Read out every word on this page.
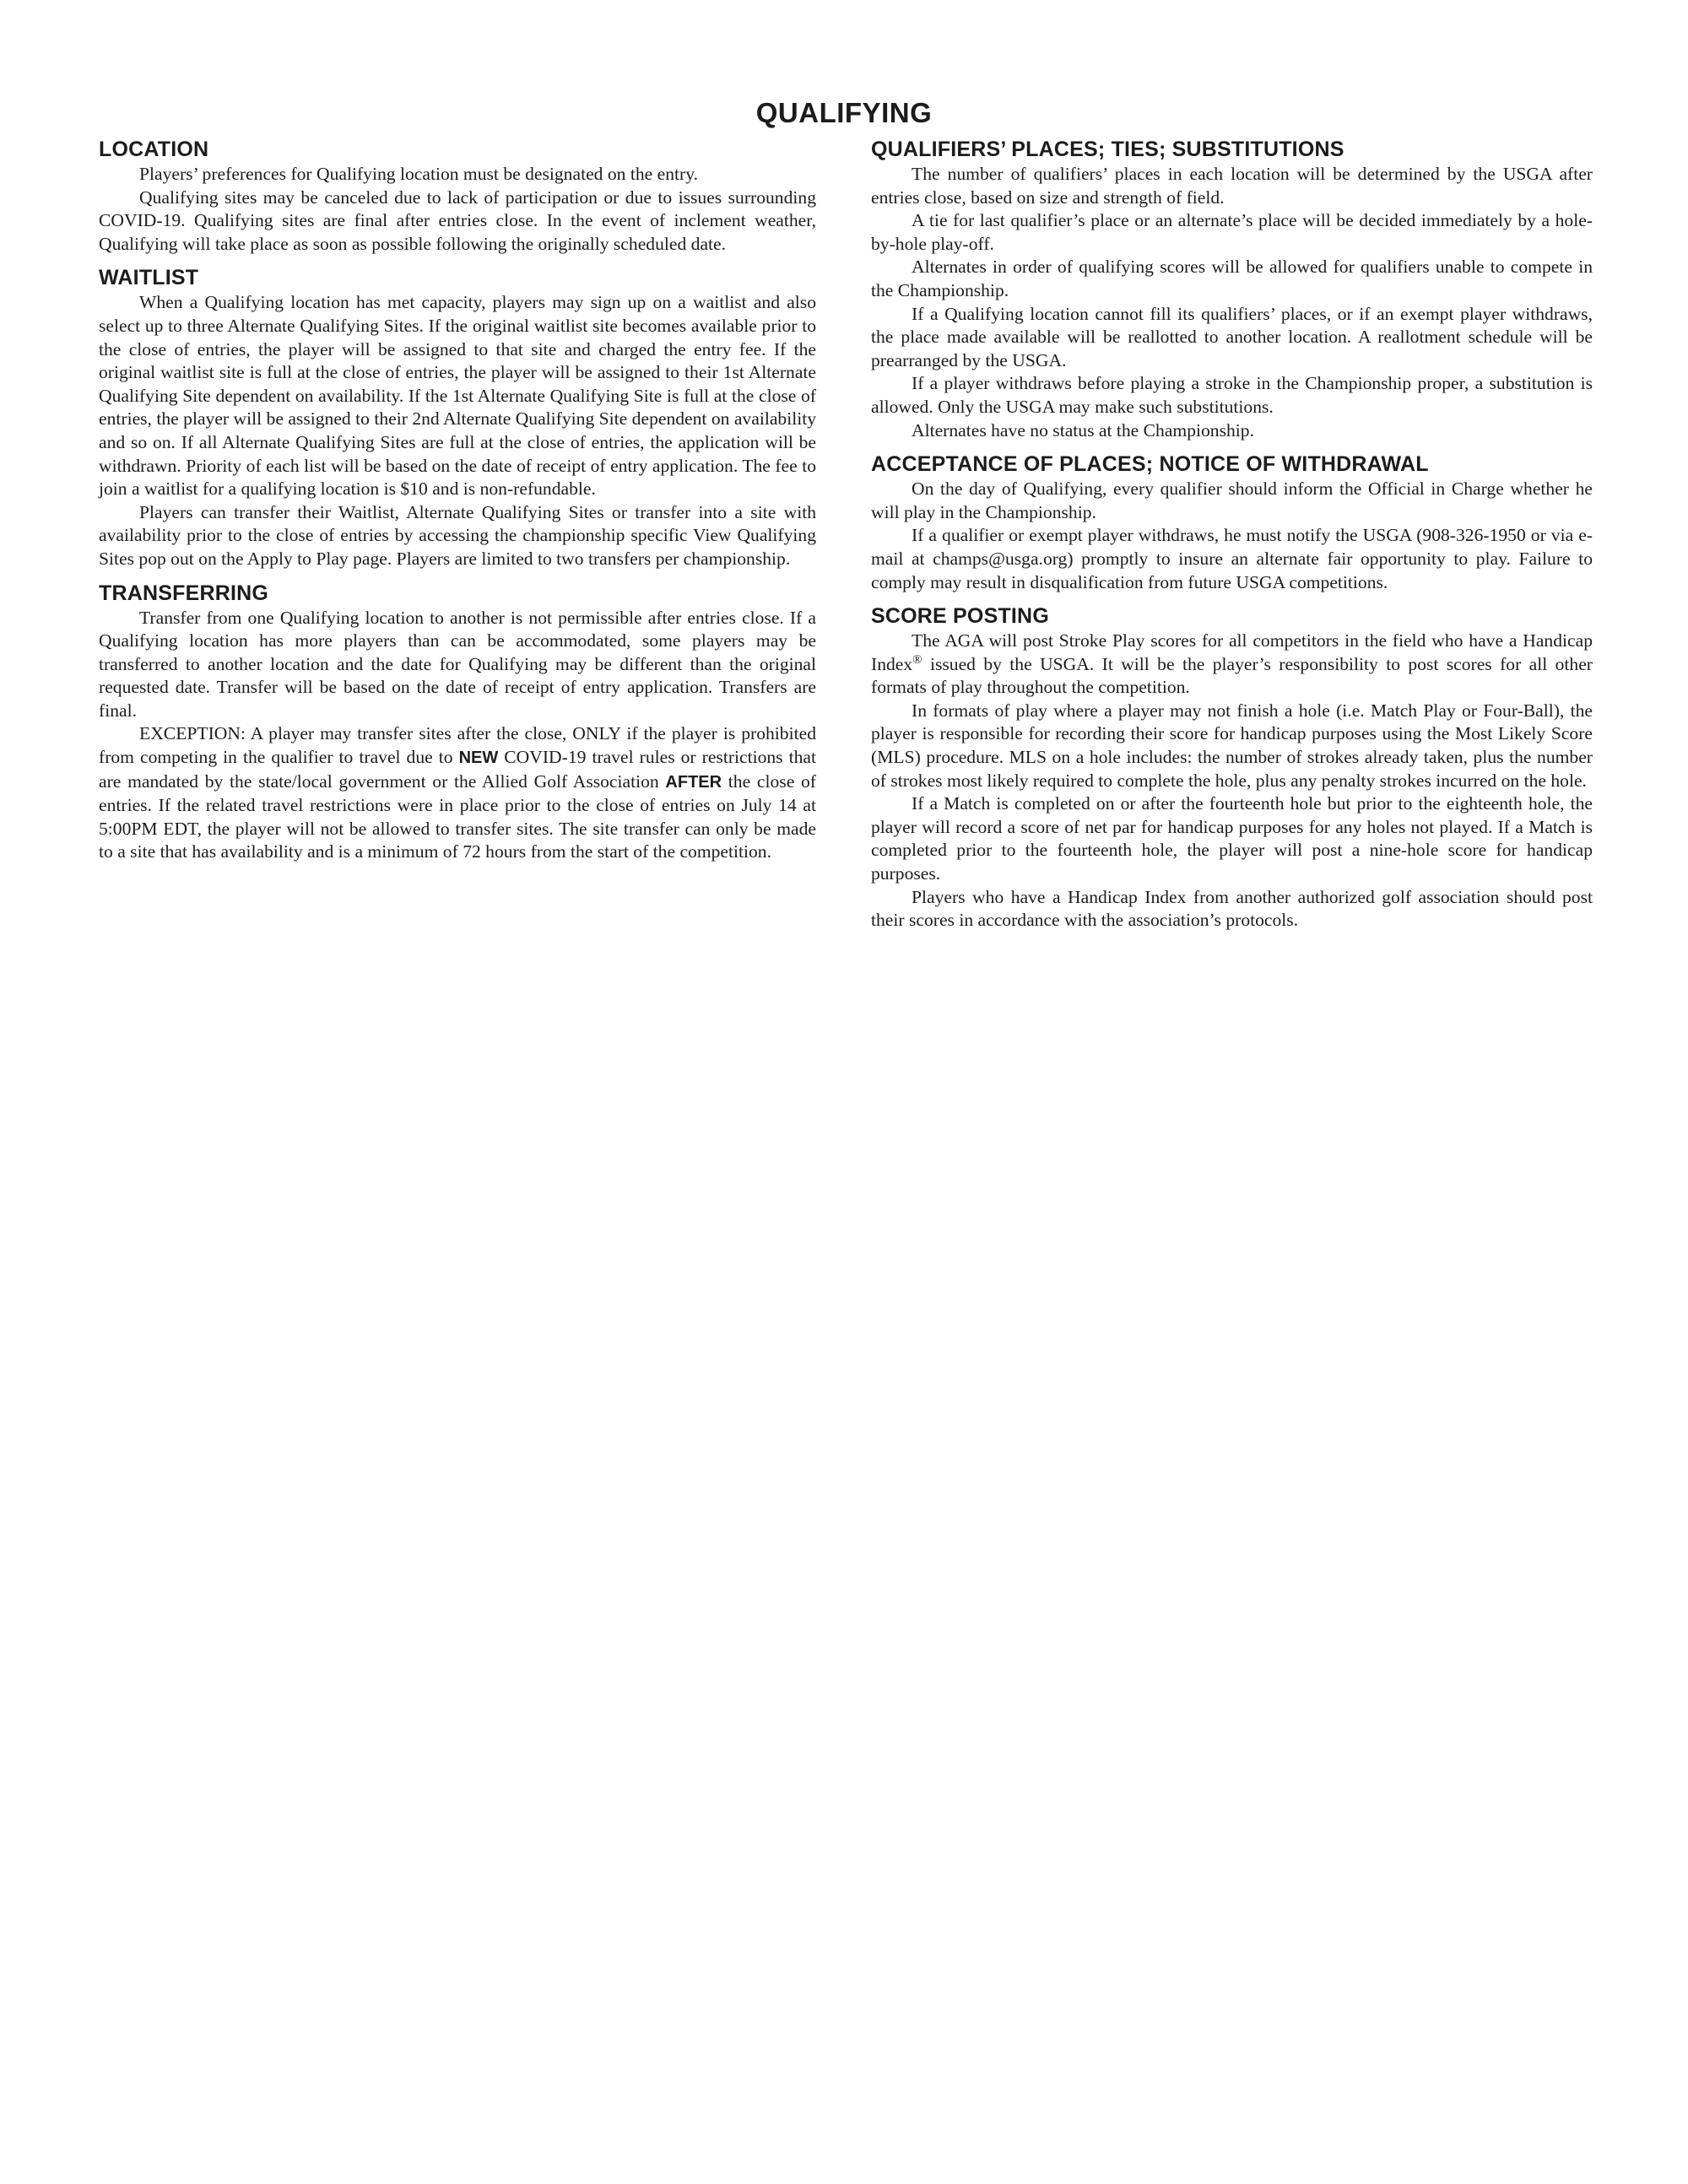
QUALIFYING
LOCATION

Players’ preferences for Qualifying location must be designated on the entry.

Qualifying sites may be canceled due to lack of participation or due to issues surrounding COVID-19. Qualifying sites are final after entries close. In the event of inclement weather, Qualifying will take place as soon as possible following the originally scheduled date.

WAITLIST

When a Qualifying location has met capacity, players may sign up on a waitlist and also select up to three Alternate Qualifying Sites. If the original waitlist site becomes available prior to the close of entries, the player will be assigned to that site and charged the entry fee. If the original waitlist site is full at the close of entries, the player will be assigned to their 1st Alternate Qualifying Site dependent on availability. If the 1st Alternate Qualifying Site is full at the close of entries, the player will be assigned to their 2nd Alternate Qualifying Site dependent on availability and so on. If all Alternate Qualifying Sites are full at the close of entries, the application will be withdrawn. Priority of each list will be based on the date of receipt of entry application. The fee to join a waitlist for a qualifying location is $10 and is non-refundable.

Players can transfer their Waitlist, Alternate Qualifying Sites or transfer into a site with availability prior to the close of entries by accessing the championship specific View Qualifying Sites pop out on the Apply to Play page. Players are limited to two transfers per championship.

TRANSFERRING

Transfer from one Qualifying location to another is not permissible after entries close. If a Qualifying location has more players than can be accommodated, some players may be transferred to another location and the date for Qualifying may be different than the original requested date. Transfer will be based on the date of receipt of entry application. Transfers are final.

EXCEPTION: A player may transfer sites after the close, ONLY if the player is prohibited from competing in the qualifier to travel due to NEW COVID-19 travel rules or restrictions that are mandated by the state/local government or the Allied Golf Association AFTER the close of entries. If the related travel restrictions were in place prior to the close of entries on July 14 at 5:00PM EDT, the player will not be allowed to transfer sites. The site transfer can only be made to a site that has availability and is a minimum of 72 hours from the start of the competition.

QUALIFIERS’ PLACES; TIES; SUBSTITUTIONS

The number of qualifiers’ places in each location will be determined by the USGA after entries close, based on size and strength of field.

A tie for last qualifier’s place or an alternate’s place will be decided immediately by a hole-by-hole play-off.

Alternates in order of qualifying scores will be allowed for qualifiers unable to compete in the Championship.

If a Qualifying location cannot fill its qualifiers’ places, or if an exempt player withdraws, the place made available will be reallotted to another location. A reallotment schedule will be prearranged by the USGA.

If a player withdraws before playing a stroke in the Championship proper, a substitution is allowed. Only the USGA may make such substitutions.

Alternates have no status at the Championship.

ACCEPTANCE OF PLACES; NOTICE OF WITHDRAWAL

On the day of Qualifying, every qualifier should inform the Official in Charge whether he will play in the Championship.

If a qualifier or exempt player withdraws, he must notify the USGA (908-326-1950 or via e-mail at champs@usga.org) promptly to insure an alternate fair opportunity to play. Failure to comply may result in disqualification from future USGA competitions.

SCORE POSTING

The AGA will post Stroke Play scores for all competitors in the field who have a Handicap Index® issued by the USGA. It will be the player’s responsibility to post scores for all other formats of play throughout the competition.

In formats of play where a player may not finish a hole (i.e. Match Play or Four-Ball), the player is responsible for recording their score for handicap purposes using the Most Likely Score (MLS) procedure. MLS on a hole includes: the number of strokes already taken, plus the number of strokes most likely required to complete the hole, plus any penalty strokes incurred on the hole.

If a Match is completed on or after the fourteenth hole but prior to the eighteenth hole, the player will record a score of net par for handicap purposes for any holes not played. If a Match is completed prior to the fourteenth hole, the player will post a nine-hole score for handicap purposes.

Players who have a Handicap Index from another authorized golf association should post their scores in accordance with the association’s protocols.
